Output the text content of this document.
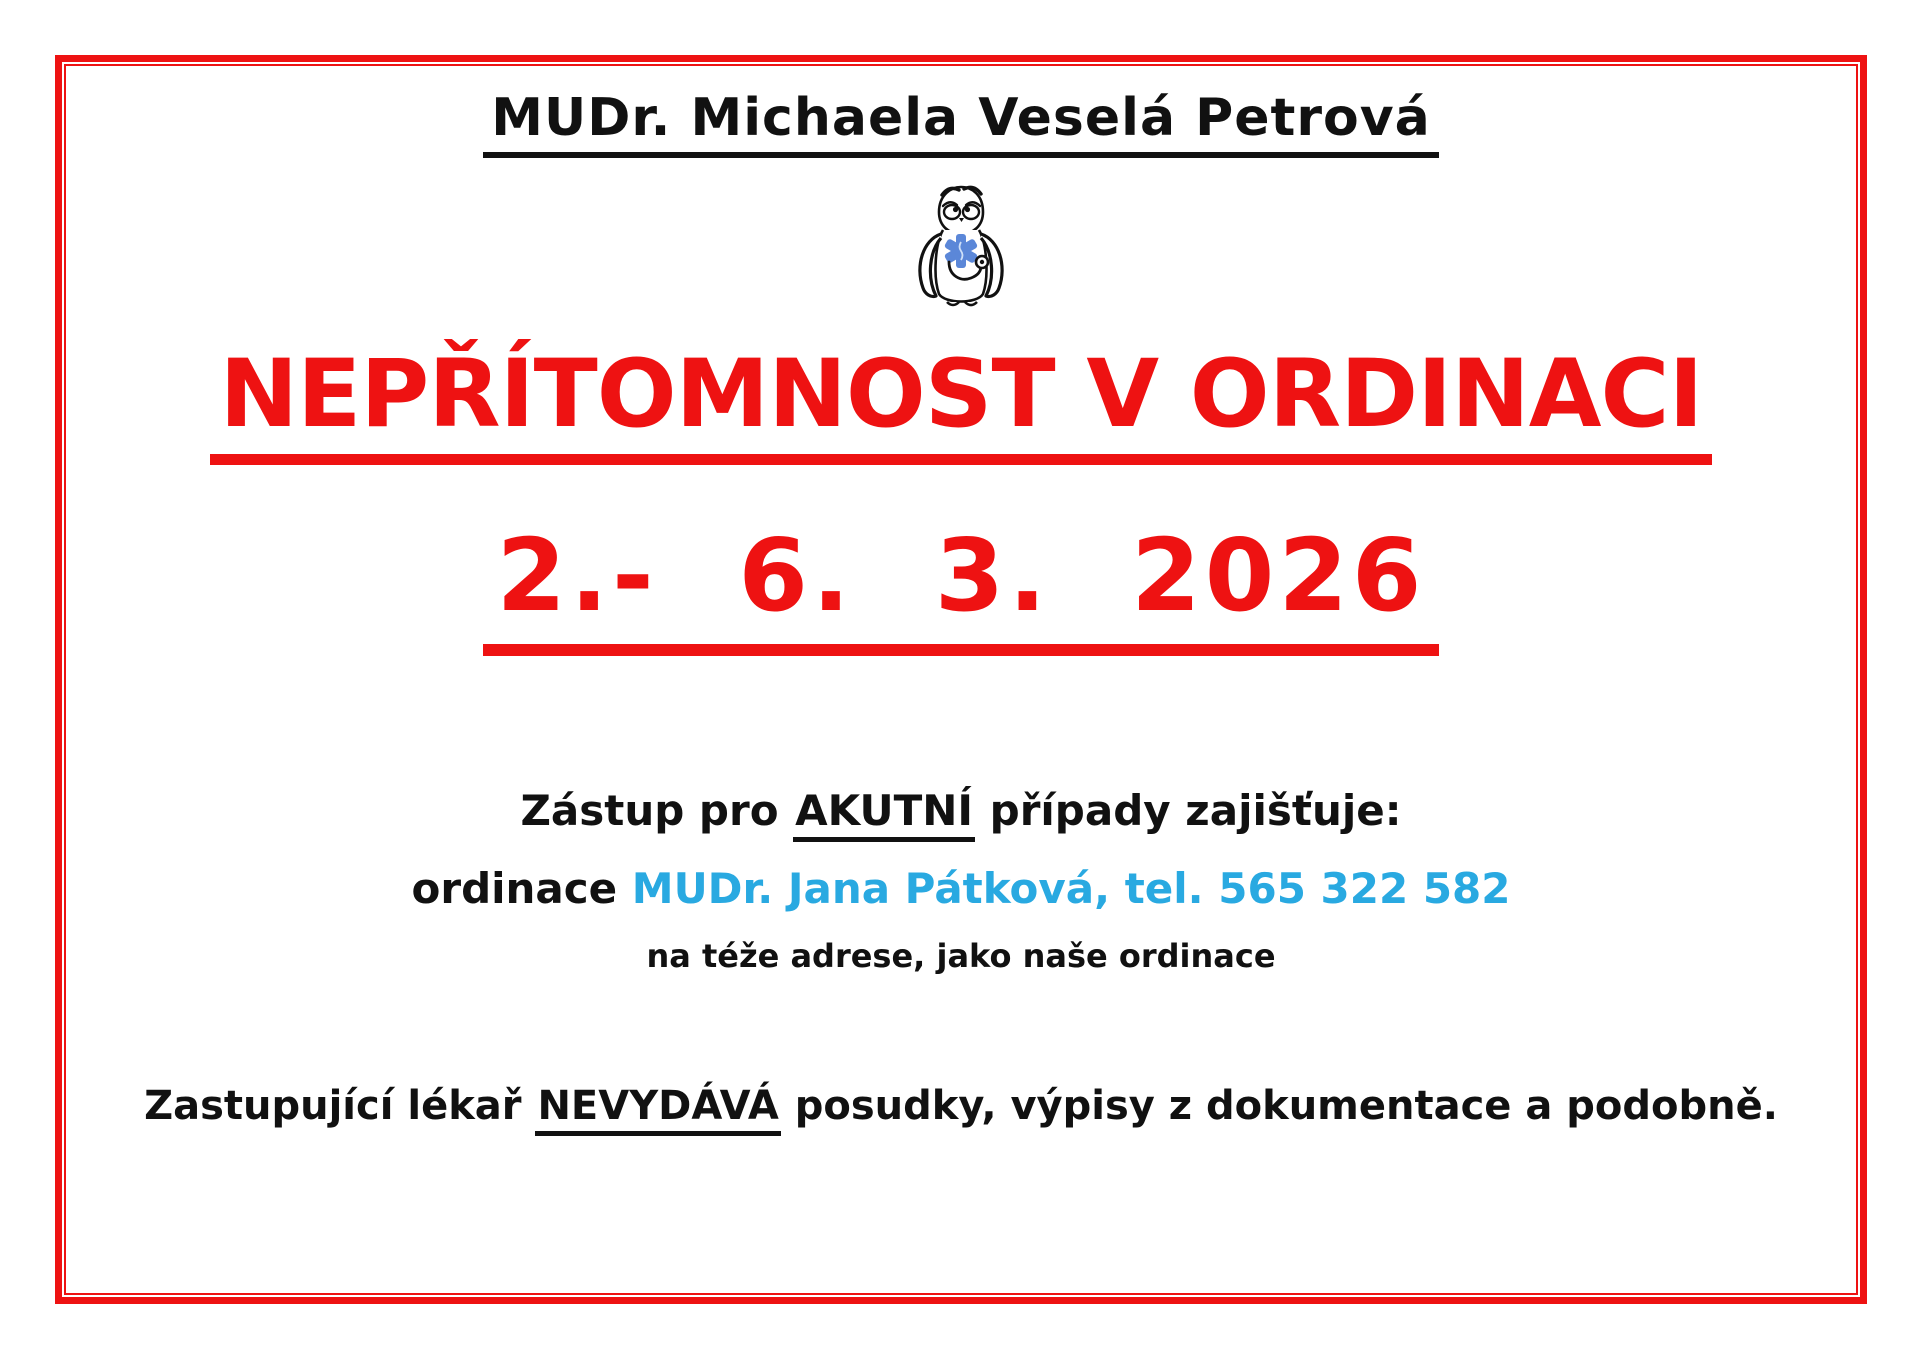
MUDr. Michaela Veselá Petrová
NEPŘÍTOMNOST V ORDINACI
2.- 6. 3. 2026
Zástup pro AKUTNÍ případy zajišťuje:
ordinace MUDr. Jana Pátková, tel. 565 322 582
na téže adrese, jako naše ordinace
Zastupující lékař NEVYDÁVÁ posudky, výpisy z dokumentace a podobně.
